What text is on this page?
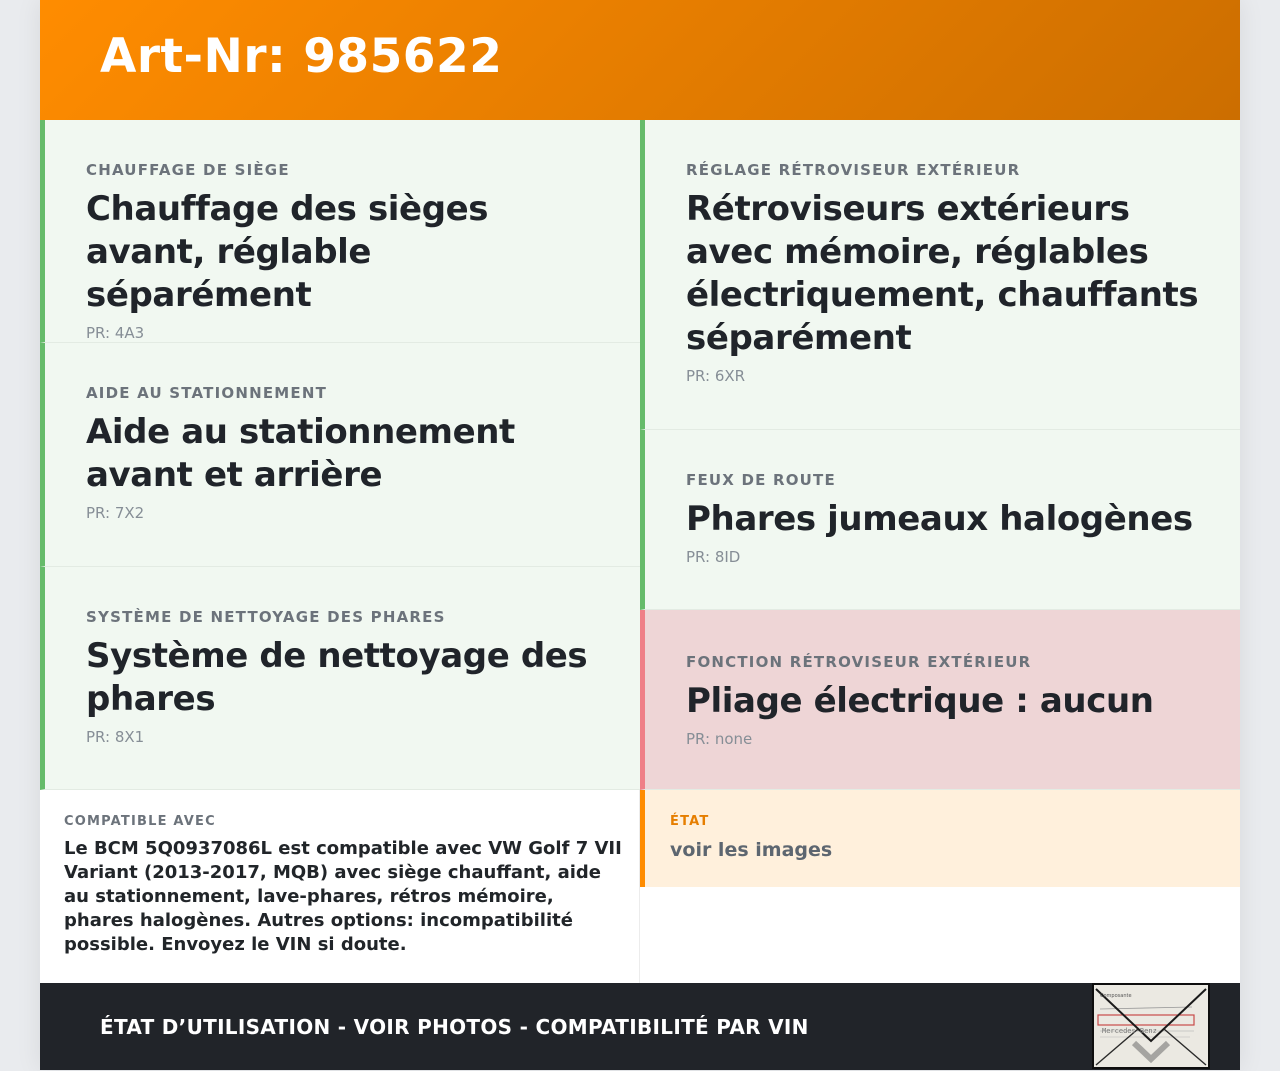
Art-Nr: 985622
CHAUFFAGE DE SIÈGE
Chauffage des sièges avant, réglable séparément
PR: 4A3
AIDE AU STATIONNEMENT
Aide au stationnement avant et arrière
PR: 7X2
SYSTÈME DE NETTOYAGE DES PHARES
Système de nettoyage des phares
PR: 8X1
RÉGLAGE RÉTROVISEUR EXTÉRIEUR
Rétroviseurs extérieurs avec mémoire, réglables électriquement, chauffants séparément
PR: 6XR
FEUX DE ROUTE
Phares jumeaux halogènes
PR: 8ID
FONCTION RÉTROVISEUR EXTÉRIEUR
Pliage électrique : aucun
PR: none
COMPATIBLE AVEC
Le BCM 5Q0937086L est compatible avec VW Golf 7 VII Variant (2013-2017, MQB) avec siège chauffant, aide au stationnement, lave-phares, rétros mémoire, phares halogènes. Autres options: incompatibilité possible. Envoyez le VIN si doute.
ÉTAT
voir les images
ÉTAT D’UTILISATION - VOIR PHOTOS - COMPATIBILITÉ PAR VIN
Composante
Mercedes-Benz
